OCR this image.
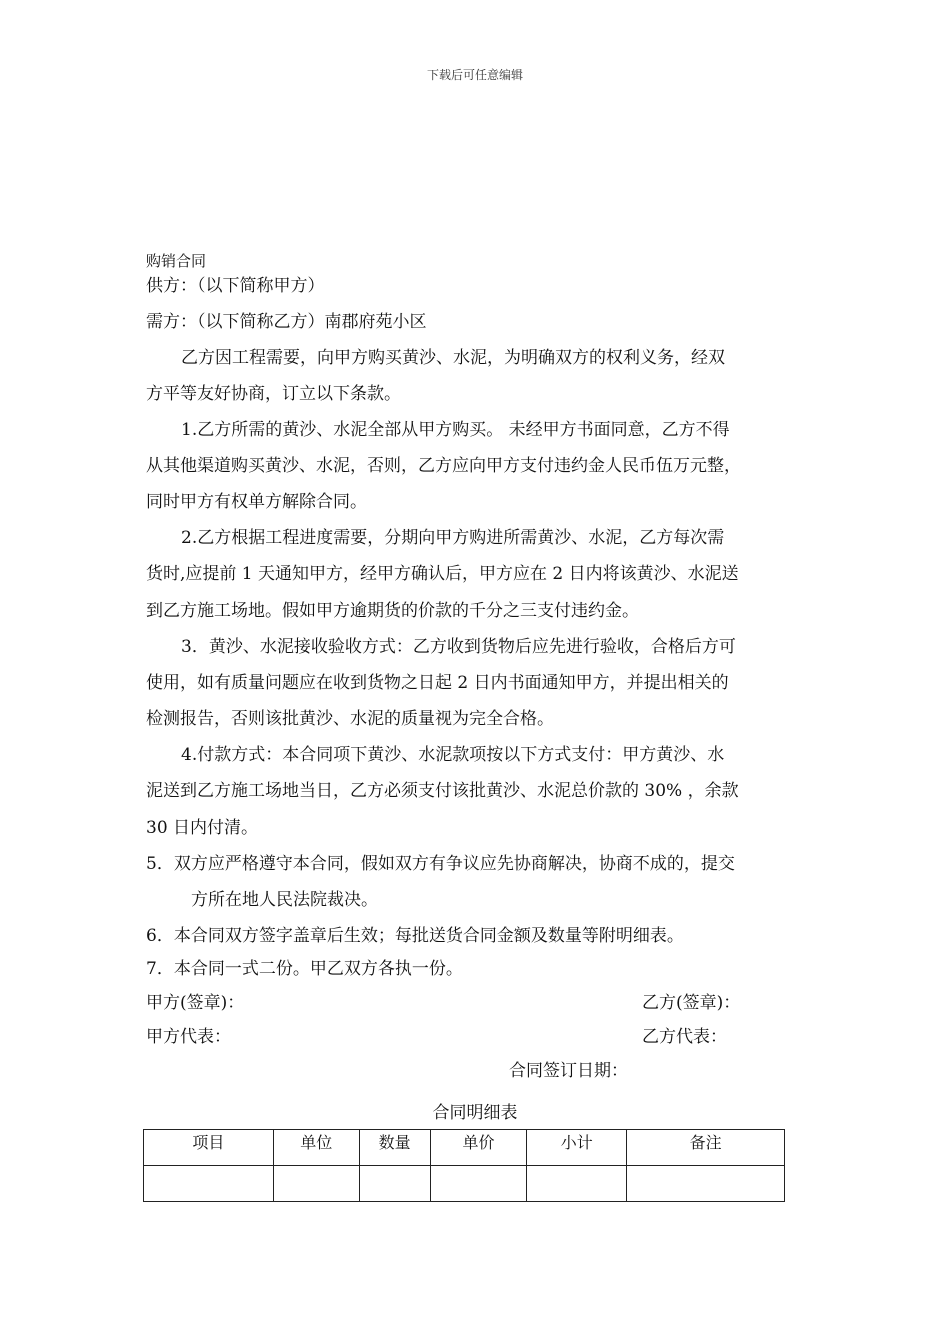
下载后可任意编辑
购销合同
供方：（以下简称甲方）
需方：（以下简称乙方）南郡府苑小区
乙方因工程需要，向甲方购买黄沙、水泥，为明确双方的权利义务，经双
方平等友好协商，订立以下条款。
1.乙方所需的黄沙、水泥全部从甲方购买。 未经甲方书面同意，乙方不得
从其他渠道购买黄沙、水泥，否则，乙方应向甲方支付违约金人民币伍万元整，
同时甲方有权单方解除合同。
2.乙方根据工程进度需要，分期向甲方购进所需黄沙、水泥，乙方每次需
货时,应提前 1 天通知甲方，经甲方确认后，甲方应在 2 日内将该黄沙、水泥送
到乙方施工场地。假如甲方逾期货的价款的千分之三支付违约金。
3．黄沙、水泥接收验收方式：乙方收到货物后应先进行验收，合格后方可
使用，如有质量问题应在收到货物之日起 2 日内书面通知甲方，并提出相关的
检测报告，否则该批黄沙、水泥的质量视为完全合格。
4.付款方式：本合同项下黄沙、水泥款项按以下方式支付：甲方黄沙、水
泥送到乙方施工场地当日，乙方必须支付该批黄沙、水泥总价款的 30% ，余款
30 日内付清。
5．双方应严格遵守本合同，假如双方有争议应先协商解决，协商不成的，提交
方所在地人民法院裁决。
6．本合同双方签字盖章后生效；每批送货合同金额及数量等附明细表。
7．本合同一式二份。甲乙双方各执一份。
甲方(签章)：	乙方(签章)：
甲方代表：	乙方代表：
合同签订日期：
合同明细表
项目	单位	数量	单价	小计	备注
